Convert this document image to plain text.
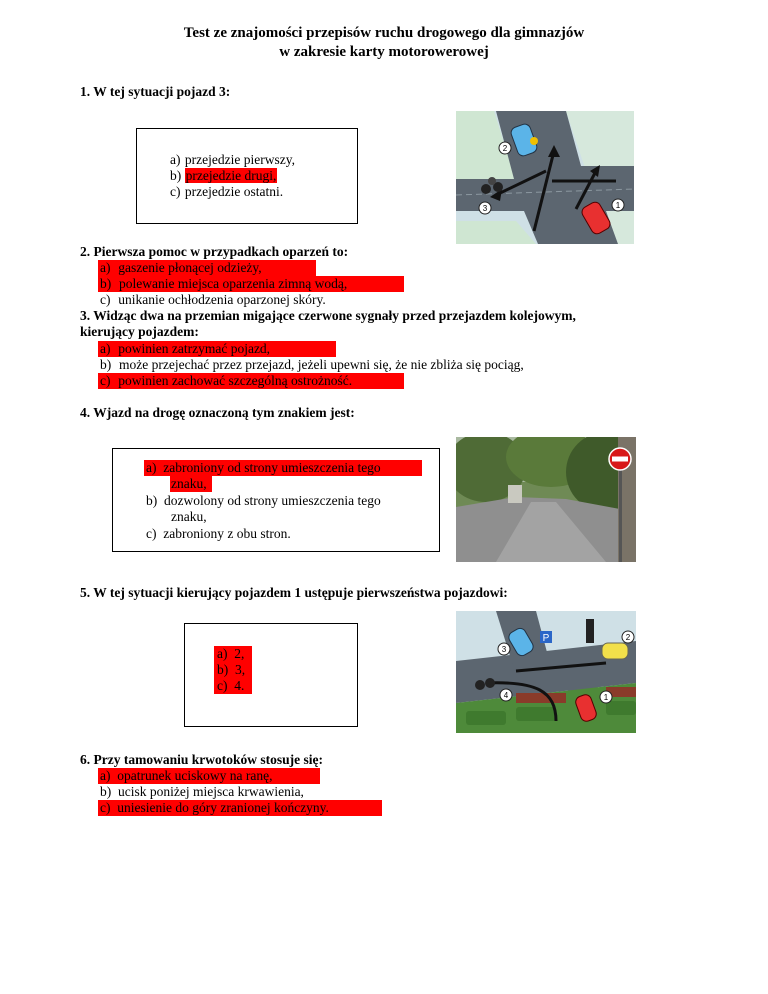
Test ze znajomości przepisów ruchu drogowego dla gimnazjów
w zakresie karty motorowerowej
1. W tej sytuacji pojazd 3:
a) przejedzie pierwszy,
b) przejedzie drugi,
c) przejedzie ostatni.
2
3	1
2. Pierwsza pomoc w przypadkach oparzeń to:
a) gaszenie płonącej odzieży,
b) polewanie miejsca oparzenia zimną wodą,
c) unikanie ochłodzenia oparzonej skóry.
3. Widząc dwa na przemian migające czerwone sygnały przed przejazdem kolejowym,
kierujący pojazdem:
a) powinien zatrzymać pojazd,
b) może przejechać przez przejazd, jeżeli upewni się, że nie zbliża się pociąg,
c) powinien zachować szczególną ostrożność.
4. Wjazd na drogę oznaczoną tym znakiem jest:
a) zabroniony od strony umieszczenia tego
znaku,
b) dozwolony od strony umieszczenia tego
znaku,
c) zabroniony z obu stron.
5. W tej sytuacji kierujący pojazdem 1 ustępuje pierwszeństwa pojazdowi:
a) 2,
b) 3,
c) 4.
P
3
2
4	1
6. Przy tamowaniu krwotoków stosuje się:
a) opatrunek uciskowy na ranę,
b) ucisk poniżej miejsca krwawienia,
c) uniesienie do góry zranionej kończyny.
